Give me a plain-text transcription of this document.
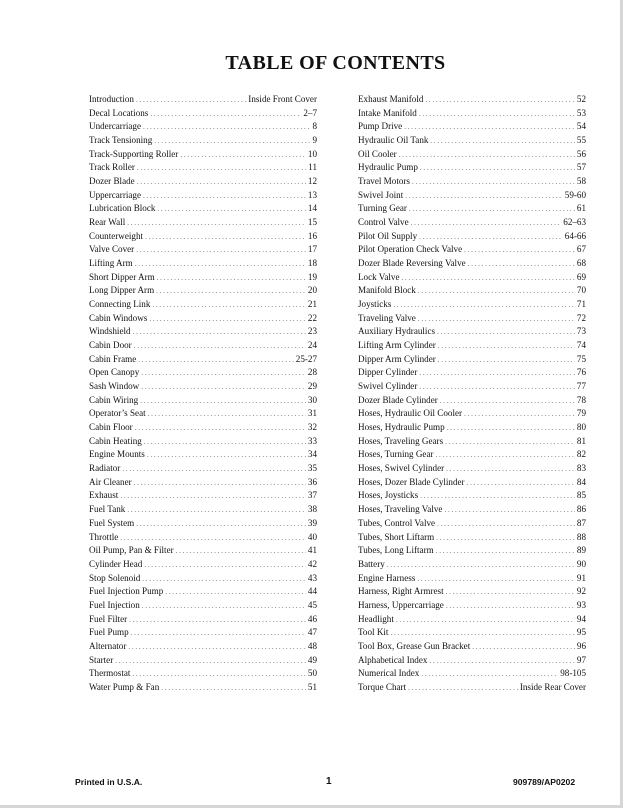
TABLE OF CONTENTS
Introduction . . .	Inside Front Cover
Decal Locations . . .	2–7
Undercarriage . . .	8
Track Tensioning . . .	9
Track-Supporting Roller . . .	10
Track Roller . . .	11
Dozer Blade . . .	12
Uppercarriage . . .	13
Lubrication Block . . .	14
Rear Wall . . .	15
Counterweight . . .	16
Valve Cover . . .	17
Lifting Arm . . .	18
Short Dipper Arm . . .	19
Long Dipper Arm . . .	20
Connecting Link . . .	21
Cabin Windows . . .	22
Windshield . . .	23
Cabin Door . . .	24
Cabin Frame . . .	25-27
Open Canopy . . .	28
Sash Window . . .	29
Cabin Wiring . . .	30
Operator’s Seat . . .	31
Cabin Floor . . .	32
Cabin Heating . . .	33
Engine Mounts . . .	34
Radiator . . .	35
Air Cleaner . . .	36
Exhaust . . .	37
Fuel Tank . . .	38
Fuel System . . .	39
Throttle . . .	40
Oil Pump, Pan & Filter . . .	41
Cylinder Head . . .	42
Stop Solenoid . . .	43
Fuel Injection Pump . . .	44
Fuel Injection . . .	45
Fuel Filter . . .	46
Fuel Pump . . .	47
Alternator . . .	48
Starter . . .	49
Thermostat . . .	50
Water Pump & Fan . . .	51
Exhaust Manifold . . .	52
Intake Manifold . . .	53
Pump Drive . . .	54
Hydraulic Oil Tank . . .	55
Oil Cooler . . .	56
Hydraulic Pump . . .	57
Travel Motors . . .	58
Swivel Joint . . .	59-60
Turning Gear . . .	61
Control Valve . . .	62–63
Pilot Oil Supply . . .	64-66
Pilot Operation Check Valve . . .	67
Dozer Blade Reversing Valve . . .	68
Lock Valve . . .	69
Manifold Block . . .	70
Joysticks . . .	71
Traveling Valve . . .	72
Auxiliary Hydraulics . . .	73
Lifting Arm Cylinder . . .	74
Dipper Arm Cylinder . . .	75
Dipper Cylinder . . .	76
Swivel Cylinder . . .	77
Dozer Blade Cylinder . . .	78
Hoses, Hydraulic Oil Cooler . . .	79
Hoses, Hydraulic Pump . . .	80
Hoses, Traveling Gears . . .	81
Hoses, Turning Gear . . .	82
Hoses, Swivel Cylinder . . .	83
Hoses, Dozer Blade Cylinder . . .	84
Hoses, Joysticks . . .	85
Hoses, Traveling Valve . . .	86
Tubes, Control Valve . . .	87
Tubes, Short Liftarm . . .	88
Tubes, Long Liftarm . . .	89
Battery . . .	90
Engine Harness . . .	91
Harness, Right Armrest . . .	92
Harness, Uppercarriage . . .	93
Headlight . . .	94
Tool Kit . . .	95
Tool Box, Grease Gun Bracket . . .	96
Alphabetical Index . . .	97
Numerical Index . . .	98-105
Torque Chart . . .	Inside Rear Cover
Printed in U.S.A.	1	909789/AP0202
